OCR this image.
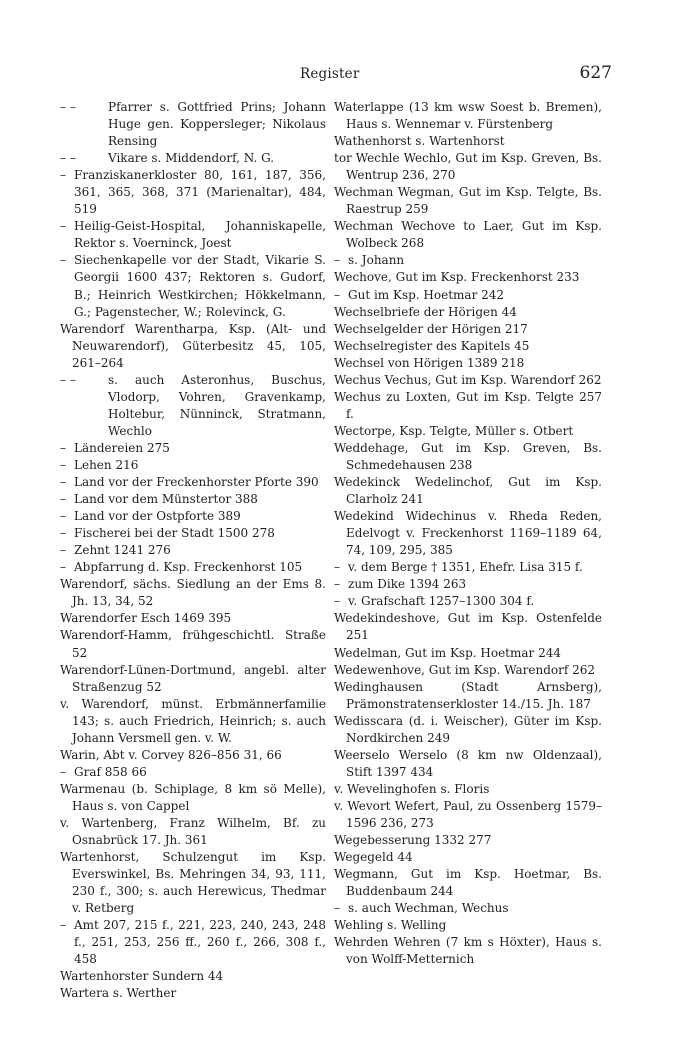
Register	627

– –	Pfarrer s. Gottfried Prins; Johann Huge gen. Koppersleger; Nikolaus Rensing

– –	Vikare s. Middendorf, N. G.

– Franziskanerkloster 80, 161, 187, 356, 361, 365, 368, 371 (Marienaltar), 484, 519

– Heilig-Geist-Hospital, Johanniskapelle, Rektor s. Voerninck, Joest

– Siechenkapelle vor der Stadt, Vikarie S. Georgii 1600 437; Rektoren s. Gudorf, B.; Heinrich Westkirchen; Hökkelmann, G.; Pagenstecher, W.; Rolevinck, G.

Warendorf Warentharpa, Ksp. (Alt- und Neuwarendorf), Güterbesitz 45, 105, 261–264

– –	s. auch Asteronhus, Buschus, Vlodorp, Vohren, Gravenkamp, Holtebur, Nünninck, Stratmann, Wechlo

– Ländereien 275

– Lehen 216

– Land vor der Freckenhorster Pforte 390

– Land vor dem Münstertor 388

– Land vor der Ostpforte 389

– Fischerei bei der Stadt 1500 278

– Zehnt 1241 276

– Abpfarrung d. Ksp. Freckenhorst 105

Warendorf, sächs. Siedlung an der Ems 8. Jh. 13, 34, 52

Warendorfer Esch 1469 395

Warendorf-Hamm, frühgeschichtl. Straße 52

Warendorf-Lünen-Dortmund, angebl. alter Straßenzug 52

v. Warendorf, münst. Erbmännerfamilie 143; s. auch Friedrich, Heinrich; s. auch Johann Versmell gen. v. W.

Warin, Abt v. Corvey 826–856 31, 66

– Graf 858 66

Warmenau (b. Schiplage, 8 km sö Melle), Haus s. von Cappel

v. Wartenberg, Franz Wilhelm, Bf. zu Osnabrück 17. Jh. 361

Wartenhorst, Schulzengut im Ksp. Everswinkel, Bs. Mehringen 34, 93, 111, 230 f., 300; s. auch Herewicus, Thedmar v. Retberg

– Amt 207, 215 f., 221, 223, 240, 243, 248 f., 251, 253, 256 ff., 260 f., 266, 308 f., 458

Wartenhorster Sundern 44

Wartera s. Werther

Waterlappe (13 km wsw Soest b. Bremen), Haus s. Wennemar v. Fürstenberg

Wathenhorst s. Wartenhorst

tor Wechle Wechlo, Gut im Ksp. Greven, Bs. Wentrup 236, 270

Wechman Wegman, Gut im Ksp. Telgte, Bs. Raestrup 259

Wechman Wechove to Laer, Gut im Ksp. Wolbeck 268

– s. Johann

Wechove, Gut im Ksp. Freckenhorst 233

– Gut im Ksp. Hoetmar 242

Wechselbriefe der Hörigen 44

Wechselgelder der Hörigen 217

Wechselregister des Kapitels 45

Wechsel von Hörigen 1389 218

Wechus Vechus, Gut im Ksp. Warendorf 262

Wechus zu Loxten, Gut im Ksp. Telgte 257 f.

Wectorpe, Ksp. Telgte, Müller s. Otbert

Weddehage, Gut im Ksp. Greven, Bs. Schmedehausen 238

Wedekinck Wedelinchof, Gut im Ksp. Clarholz 241

Wedekind Widechinus v. Rheda Reden, Edelvogt v. Freckenhorst 1169–1189 64, 74, 109, 295, 385

– v. dem Berge † 1351, Ehefr. Lisa 315 f.

– zum Dike 1394 263

– v. Grafschaft 1257–1300 304 f.

Wedekindeshove, Gut im Ksp. Ostenfelde 251

Wedelman, Gut im Ksp. Hoetmar 244

Wedewenhove, Gut im Ksp. Warendorf 262

Wedinghausen (Stadt Arnsberg), Prämonstratenserkloster 14./15. Jh. 187

Wedisscara (d. i. Weischer), Güter im Ksp. Nordkirchen 249

Weerselo Werselo (8 km nw Oldenzaal), Stift 1397 434

v. Wevelinghofen s. Floris

v. Wevort Wefert, Paul, zu Ossenberg 1579–1596 236, 273

Wegebesserung 1332 277

Wegegeld 44

Wegmann, Gut im Ksp. Hoetmar, Bs. Buddenbaum 244

– s. auch Wechman, Wechus

Wehling s. Welling

Wehrden Wehren (7 km s Höxter), Haus s. von Wolff-Metternich
